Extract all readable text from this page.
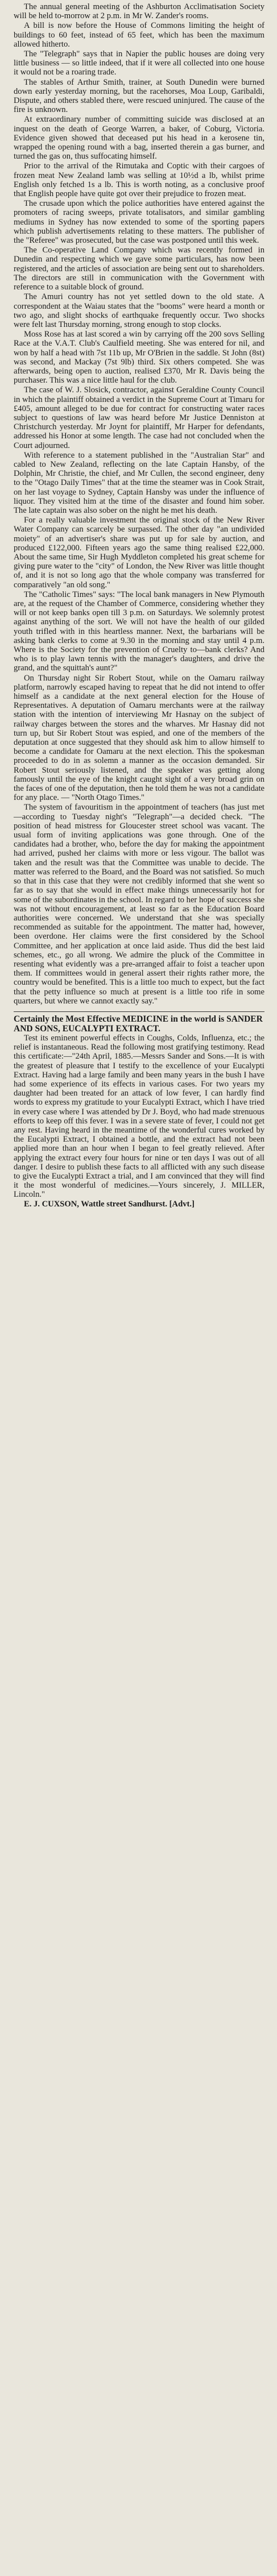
The annual general meeting of the Ashburton Acclimatisation Society will be held to-morrow at 2 p.m. in Mr W. Zander's rooms.

A bill is now before the House of Commons limiting the height of buildings to 60 feet, instead of 65 feet, which has been the maximum allowed hitherto.

The "Telegraph" says that in Napier the public houses are doing very little business — so little indeed, that if it were all collected into one house it would not be a roaring trade.

The stables of Arthur Smith, trainer, at South Dunedin were burned down early yesterday morning, but the racehorses, Moa Loup, Garibaldi, Dispute, and others stabled there, were rescued uninjured. The cause of the fire is unknown.

At extraordinary number of committing suicide was disclosed at an inquest on the death of George Warren, a baker, of Coburg, Victoria. Evidence given showed that deceased put his head in a kerosene tin, wrapped the opening round with a bag, inserted therein a gas burner, and turned the gas on, thus suffocating himself.

Prior to the arrival of the Rimutaka and Coptic with their cargoes of frozen meat New Zealand lamb was selling at 10½d a lb, whilst prime English only fetched 1s a lb. This is worth noting, as a conclusive proof that English people have quite got over their prejudice to frozen meat.

The crusade upon which the police authorities have entered against the promoters of racing sweeps, private totalisators, and similar gambling mediums in Sydney has now extended to some of the sporting papers which publish advertisements relating to these matters. The publisher of the "Referee" was prosecuted, but the case was postponed until this week.

The Co-operative Land Company which was recently formed in Dunedin and respecting which we gave some particulars, has now been registered, and the articles of association are being sent out to shareholders. The directors are still in communication with the Government with reference to a suitable block of ground.

The Amuri country has not yet settled down to the old state. A correspondent at the Waiau states that the "booms" were heard a month or two ago, and slight shocks of earthquake frequently occur. Two shocks were felt last Thursday morning, strong enough to stop clocks.

Moss Rose has at last scored a win by carrying off the 200 sovs Selling Race at the V.A.T. Club's Caulfield meeting. She was entered for nil, and won by half a head with 7st 11b up, Mr O'Brien in the saddle. St John (8st) was second, and Mackay (7st 9lb) third. Six others competed. She was afterwards, being open to auction, realised £370, Mr R. Davis being the purchaser. This was a nice little haul for the club.

The case of W. J. Slosick, contractor, against Geraldine County Council in which the plaintiff obtained a verdict in the Supreme Court at Timaru for £405, amount alleged to be due for contract for constructing water races subject to questions of law was heard before Mr Justice Denniston at Christchurch yesterday. Mr Joynt for plaintiff, Mr Harper for defendants, addressed his Honor at some length. The case had not concluded when the Court adjourned.

With reference to a statement published in the "Australian Star" and cabled to New Zealand, reflecting on the late Captain Hansby, of the Dolphin, Mr Christie, the chief, and Mr Cullen, the second engineer, deny to the "Otago Daily Times" that at the time the steamer was in Cook Strait, on her last voyage to Sydney, Captain Hansby was under the influence of liquor. They visited him at the time of the disaster and found him sober. The late captain was also sober on the night he met his death.

For a really valuable investment the original stock of the New River Water Company can scarcely be surpassed. The other day "an undivided moiety" of an advertiser's share was put up for sale by auction, and produced £122,000. Fifteen years ago the same thing realised £22,000. About the same time, Sir Hugh Myddleton completed his great scheme for giving pure water to the "city" of London, the New River was little thought of, and it is not so long ago that the whole company was transferred for comparatively "an old song."

The "Catholic Times" says: "The local bank managers in New Plymouth are, at the request of the Chamber of Commerce, considering whether they will or not keep banks open till 3 p.m. on Saturdays. We solemnly protest against anything of the sort. We will not have the health of our gilded youth trifled with in this heartless manner. Next, the barbarians will be asking bank clerks to come at 9.30 in the morning and stay until 4 p.m. Where is the Society for the prevention of Cruelty to—bank clerks? And who is to play lawn tennis with the manager's daughters, and drive the grand, and the squittah's aunt?"

On Thursday night Sir Robert Stout, while on the Oamaru railway platform, narrowly escaped having to repeat that he did not intend to offer himself as a candidate at the next general election for the House of Representatives. A deputation of Oamaru merchants were at the railway station with the intention of interviewing Mr Hasnay on the subject of railway charges between the stores and the wharves. Mr Hasnay did not turn up, but Sir Robert Stout was espied, and one of the members of the deputation at once suggested that they should ask him to allow himself to become a candidate for Oamaru at the next election. This the spokesman proceeded to do in as solemn a manner as the occasion demanded. Sir Robert Stout seriously listened, and the speaker was getting along famously until the eye of the knight caught sight of a very broad grin on the faces of one of the deputation, then he told them he was not a candidate for any place. — "North Otago Times."

The system of favouritism in the appointment of teachers (has just met—according to Tuesday night's "Telegraph"—a decided check. "The position of head mistress for Gloucester street school was vacant. The usual form of inviting applications was gone through. One of the candidates had a brother, who, before the day for making the appointment had arrived, pushed her claims with more or less vigour. The ballot was taken and the result was that the Committee was unable to decide. The matter was referred to the Board, and the Board was not satisfied. So much so that in this case that they were not credibly informed that she went so far as to say that she would in effect make things unnecessarily hot for some of the subordinates in the school. In regard to her hope of success she was not without encouragement, at least so far as the Education Board authorities were concerned. We understand that she was specially recommended as suitable for the appointment. The matter had, however, been overdone. Her claims were the first considered by the School Committee, and her application at once laid aside. Thus did the best laid schemes, etc., go all wrong. We admire the pluck of the Committee in resenting what evidently was a pre-arranged affair to foist a teacher upon them. If committees would in general assert their rights rather more, the country would be benefited. This is a little too much to expect, but the fact that the petty influence so much at present is a little too rife in some quarters, but where we cannot exactly say."

Certainly the Most Effective MEDICINE in the world is SANDER AND SONS, EUCALYPTI EXTRACT.

Test its eminent powerful effects in Coughs, Colds, Influenza, etc.; the relief is instantaneous. Read the following most gratifying testimony. Read this certificate:—"24th April, 1885.—Messrs Sander and Sons.—It is with the greatest of pleasure that I testify to the excellence of your Eucalypti Extract. Having had a large family and been many years in the bush I have had some experience of its effects in various cases. For two years my daughter had been treated for an attack of low fever, I can hardly find words to express my gratitude to your Eucalypti Extract, which I have tried in every case where I was attended by Dr J. Boyd, who had made strenuous efforts to keep off this fever. I was in a severe state of fever, I could not get any rest. Having heard in the meantime of the wonderful cures worked by the Eucalypti Extract, I obtained a bottle, and the extract had not been applied more than an hour when I began to feel greatly relieved. After applying the extract every four hours for nine or ten days I was out of all danger. I desire to publish these facts to all afflicted with any such disease to give the Eucalypti Extract a trial, and I am convinced that they will find it the most wonderful of medicines.—Yours sincerely, J. MILLER, Lincoln."

E. J. CUXSON, Wattle street Sandhurst. [Advt.]
